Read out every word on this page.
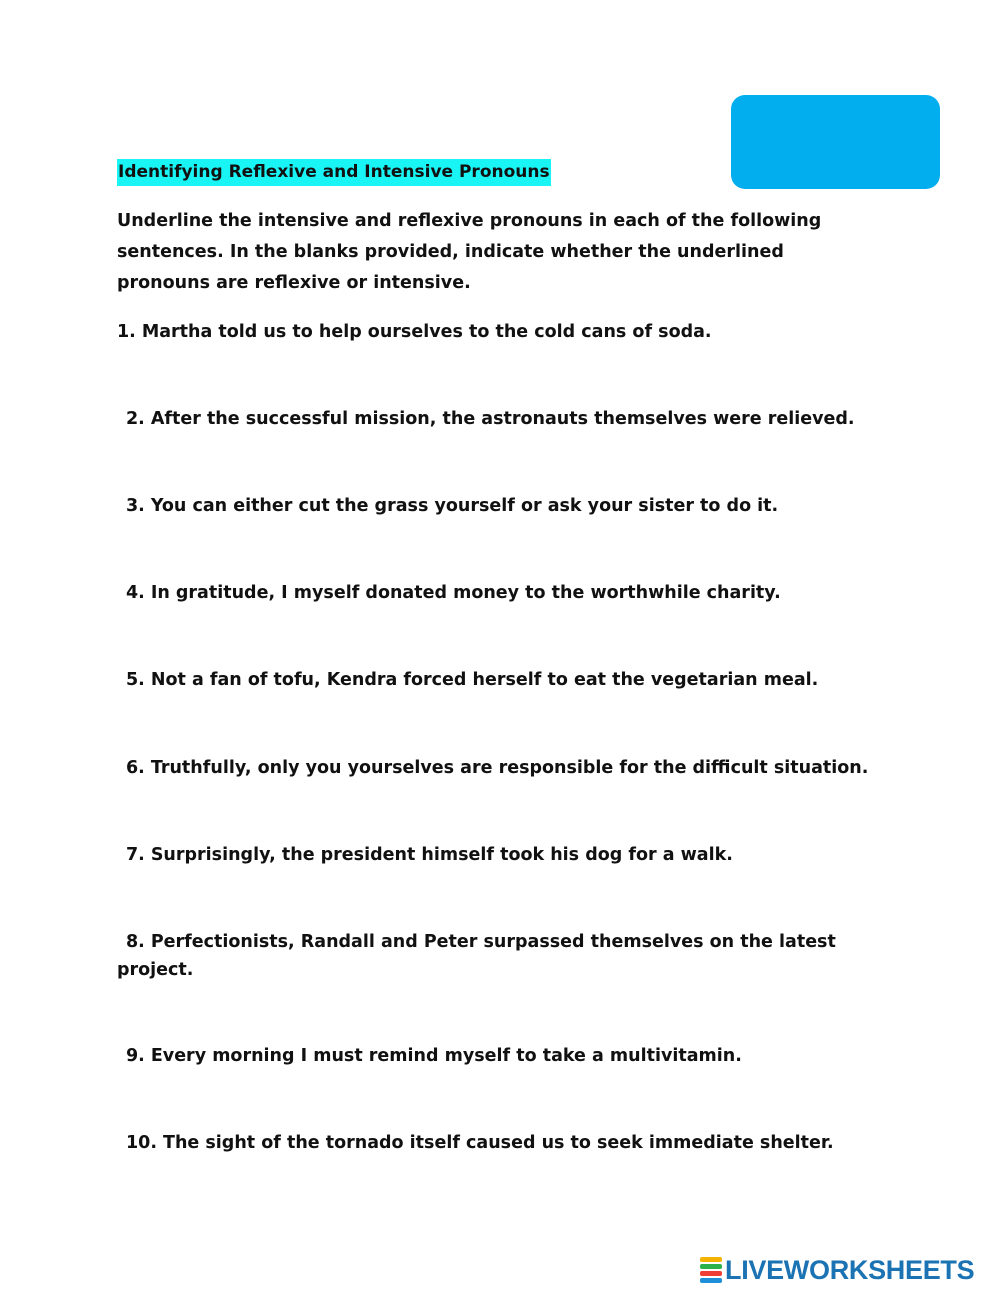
Identifying Reflexive and Intensive Pronouns

Underline the intensive and reflexive pronouns in each of the following sentences. In the blanks provided, indicate whether the underlined pronouns are reflexive or intensive.

1. Martha told us to help ourselves to the cold cans of soda.
2. After the successful mission, the astronauts themselves were relieved.
3. You can either cut the grass yourself or ask your sister to do it.
4. In gratitude, I myself donated money to the worthwhile charity.
5. Not a fan of tofu, Kendra forced herself to eat the vegetarian meal.
6. Truthfully, only you yourselves are responsible for the difficult situation.
7. Surprisingly, the president himself took his dog for a walk.
8. Perfectionists, Randall and Peter surpassed themselves on the latest project.
9. Every morning I must remind myself to take a multivitamin.
10. The sight of the tornado itself caused us to seek immediate shelter.
LIVEWORKSHEETS
